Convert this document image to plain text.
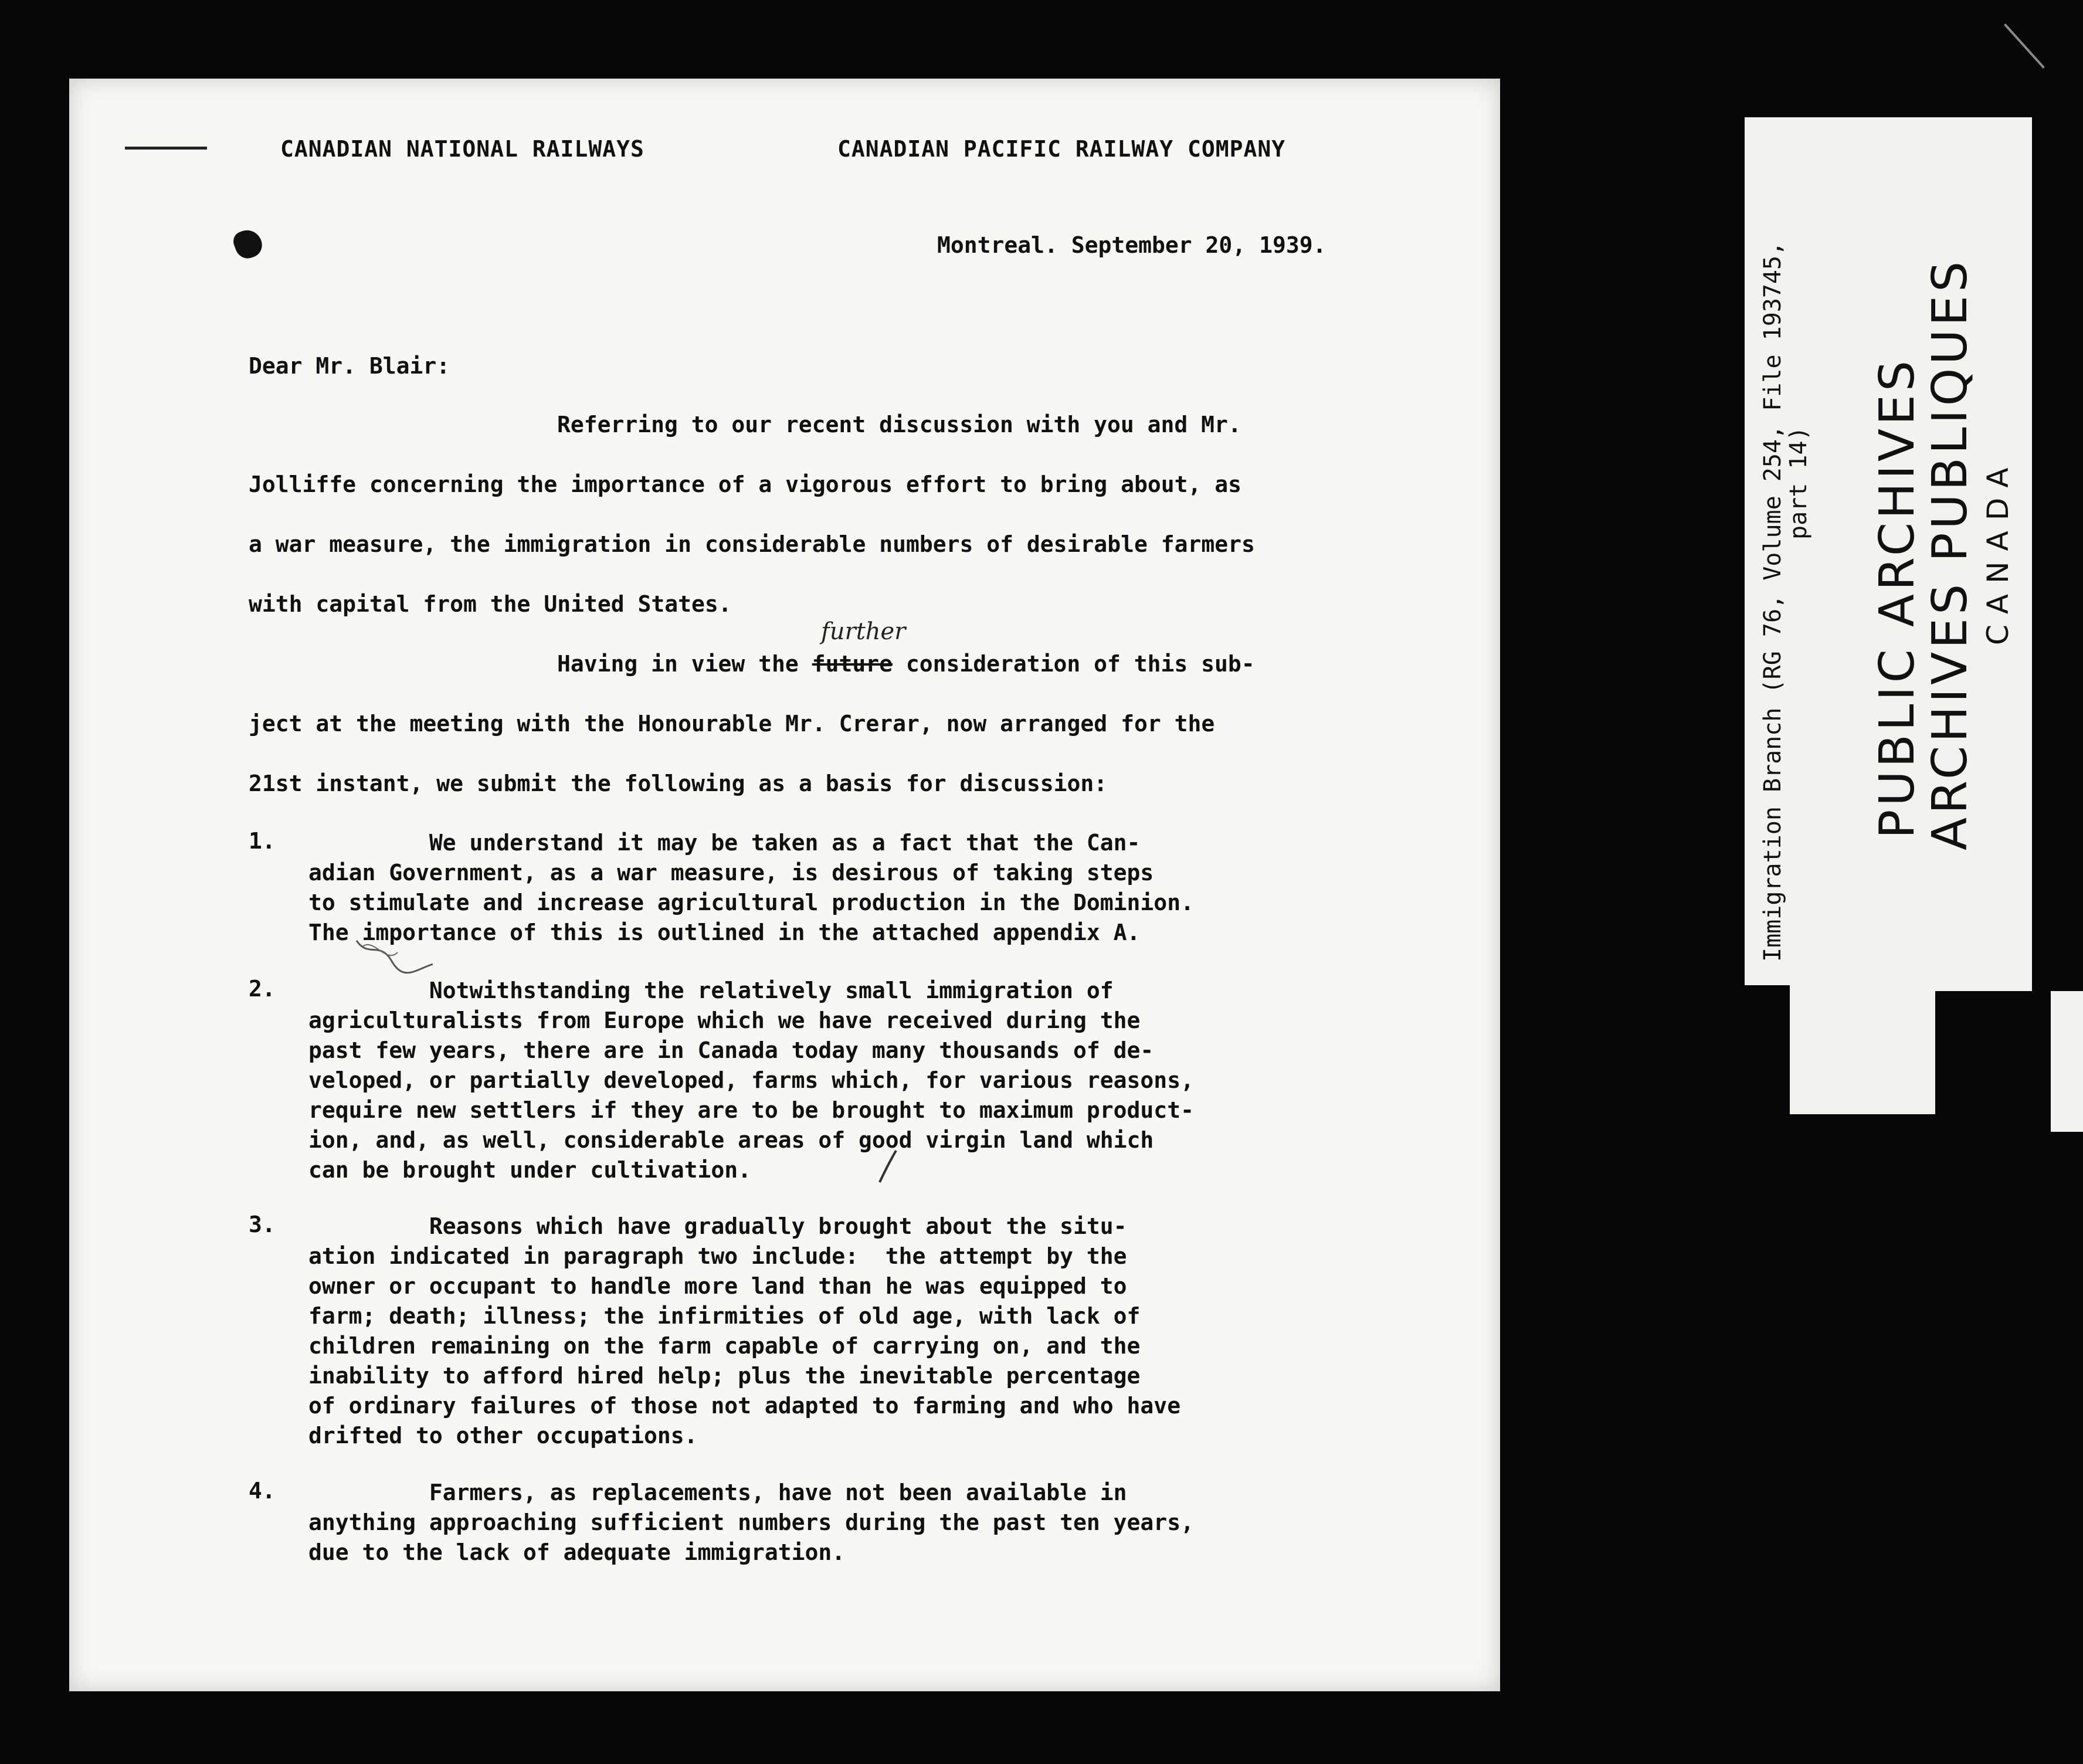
CANADIAN NATIONAL RAILWAYS	CANADIAN PACIFIC RAILWAY COMPANY
Montreal. September 20, 1939.
Dear Mr. Blair:
Referring to our recent discussion with you and Mr.
Jolliffe concerning the importance of a vigorous effort to bring about, as
a war measure, the immigration in considerable numbers of desirable farmers
with capital from the United States.
Having in view the future consideration of this sub-
further
ject at the meeting with the Honourable Mr. Crerar, now arranged for the
21st instant, we submit the following as a basis for discussion:
1. We understand it may be taken as a fact that the Can-
adian Government, as a war measure, is desirous of taking steps
to stimulate and increase agricultural production in the Dominion.
The importance of this is outlined in the attached appendix A.
2. Notwithstanding the relatively small immigration of
agriculturalists from Europe which we have received during the
past few years, there are in Canada today many thousands of de-
veloped, or partially developed, farms which, for various reasons,
require new settlers if they are to be brought to maximum product-
ion, and, as well, considerable areas of good virgin land which
can be brought under cultivation.
3. Reasons which have gradually brought about the situ-
ation indicated in paragraph two include:  the attempt by the
owner or occupant to handle more land than he was equipped to
farm; death; illness; the infirmities of old age, with lack of
children remaining on the farm capable of carrying on, and the
inability to afford hired help; plus the inevitable percentage
of ordinary failures of those not adapted to farming and who have
drifted to other occupations.
4. Farmers, as replacements, have not been available in
anything approaching sufficient numbers during the past ten years,
due to the lack of adequate immigration.
Immigration Branch (RG 76, Volume 254, File 193745,
part 14) PUBLIC ARCHIVES
ARCHIVES PUBLIQUES CANADA
